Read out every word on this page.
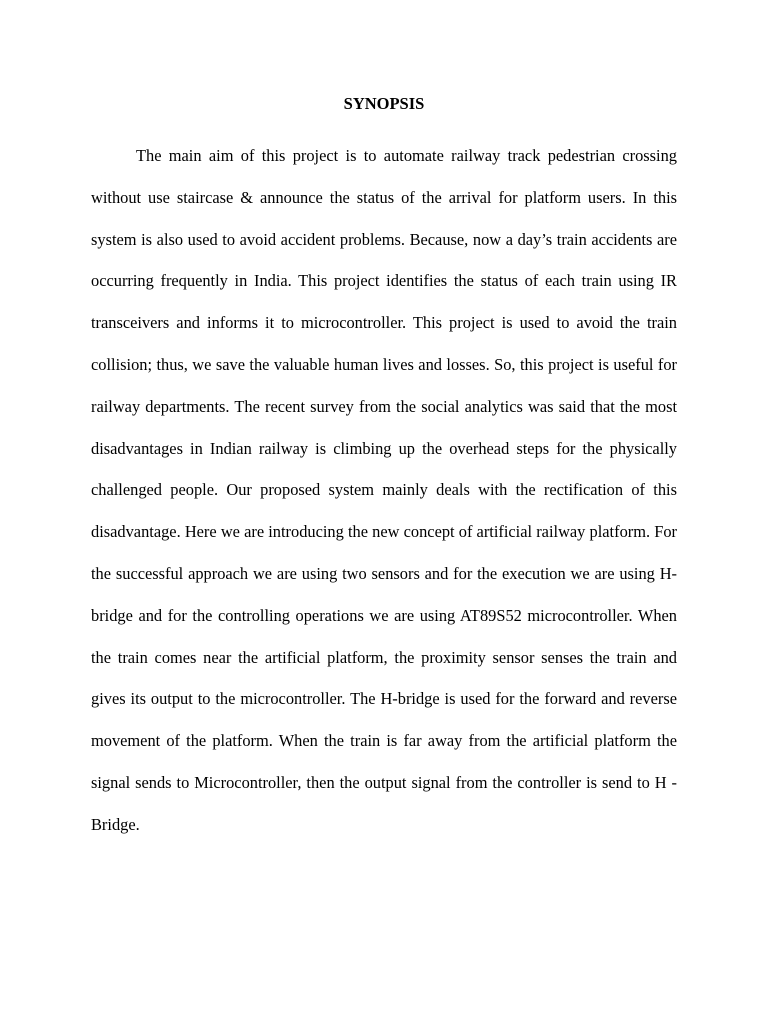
SYNOPSIS

The main aim of this project is to automate railway track pedestrian crossing without use staircase & announce the status of the arrival for platform users. In this system is also used to avoid accident problems. Because, now a day’s train accidents are occurring frequently in India. This project identifies the status of each train using IR transceivers and informs it to microcontroller. This project is used to avoid the train collision; thus, we save the valuable human lives and losses. So, this project is useful for railway departments. The recent survey from the social analytics was said that the most disadvantages in Indian railway is climbing up the overhead steps for the physically challenged people. Our proposed system mainly deals with the rectification of this disadvantage. Here we are introducing the new concept of artificial railway platform. For the successful approach we are using two sensors and for the execution we are using H-bridge and for the controlling operations we are using AT89S52 microcontroller. When the train comes near the artificial platform, the proximity sensor senses the train and gives its output to the microcontroller. The H-bridge is used for the forward and reverse movement of the platform. When the train is far away from the artificial platform the signal sends to Microcontroller, then the output signal from the controller is send to H -Bridge.
